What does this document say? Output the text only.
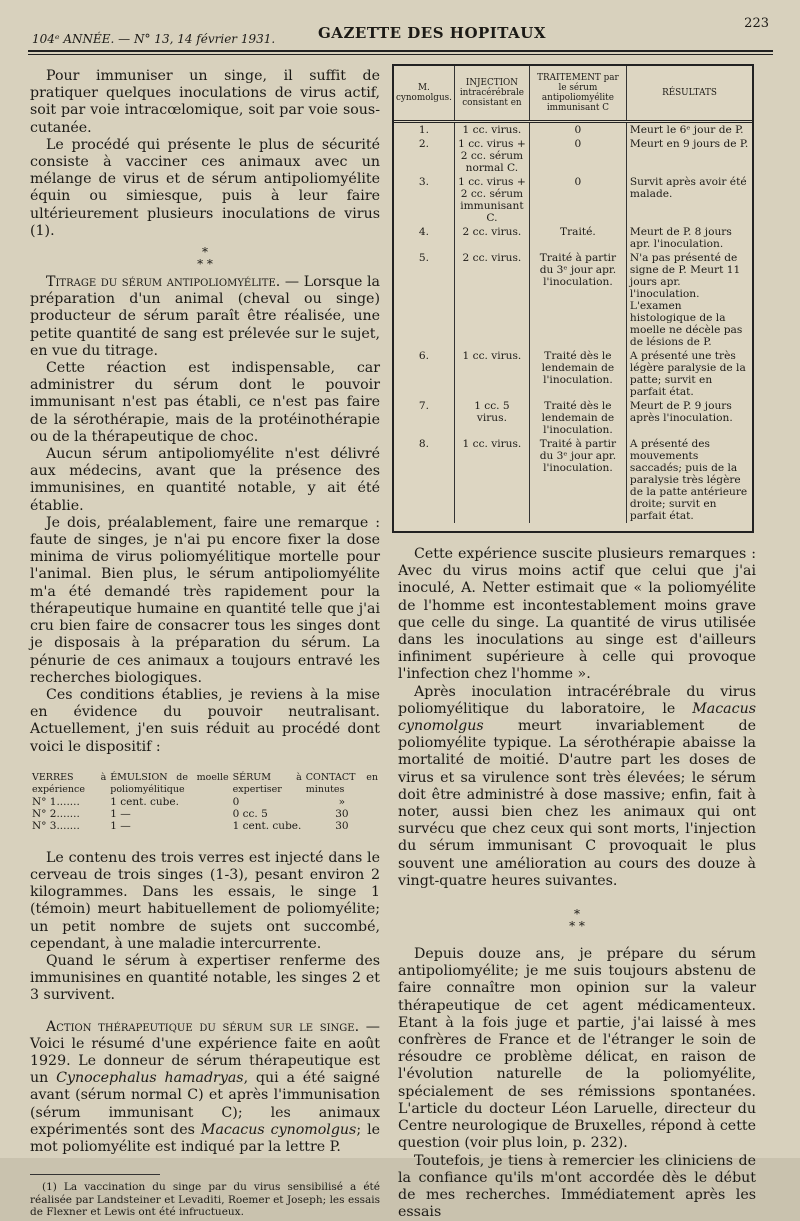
104ᵉ ANNÉE. — N° 13, 14 février 1931.	GAZETTE DES HOPITAUX
223

Pour immuniser un singe, il suffit de pratiquer quelques inoculations de virus actif, soit par voie intracœlomique, soit par voie sous-cutanée.

Le procédé qui présente le plus de sécurité consiste à vacciner ces animaux avec un mélange de virus et de sérum antipoliomyélite équin ou simiesque, puis à leur faire ultérieurement plusieurs inoculations de virus (1).

*
* *

Titrage du sérum antipoliomyélite. — Lorsque la préparation d'un animal (cheval ou singe) producteur de sérum paraît être réalisée, une petite quantité de sang est prélevée sur le sujet, en vue du titrage.

Cette réaction est indispensable, car administrer du sérum dont le pouvoir immunisant n'est pas établi, ce n'est pas faire de la sérothérapie, mais de la protéinothérapie ou de la thérapeutique de choc.

Aucun sérum antipoliomyélite n'est délivré aux médecins, avant que la présence des immunisines, en quantité notable, y ait été établie.

Je dois, préalablement, faire une remarque : faute de singes, je n'ai pu encore fixer la dose minima de virus poliomyélitique mortelle pour l'animal. Bien plus, le sérum antipoliomyélite m'a été demandé très rapidement pour la thérapeutique humaine en quantité telle que j'ai cru bien faire de consacrer tous les singes dont je disposais à la préparation du sérum. La pénurie de ces animaux a toujours entravé les recherches biologiques.

Ces conditions établies, je reviens à la mise en évidence du pouvoir neutralisant. Actuellement, j'en suis réduit au procédé dont voici le dispositif :

VERRES à expérience	ÉMULSION de moelle poliomyélitique	SÉRUM à expertiser	CONTACT en minutes
N° 1.......	1 cent. cube.	0	»
N° 2.......	1 —	0 cc. 5	30
N° 3.......	1 —	1 cent. cube.	30

Le contenu des trois verres est injecté dans le cerveau de trois singes (1-3), pesant environ 2 kilogrammes. Dans les essais, le singe 1 (témoin) meurt habituellement de poliomyélite; un petit nombre de sujets ont succombé, cependant, à une maladie intercurrente.

Quand le sérum à expertiser renferme des immunisines en quantité notable, les singes 2 et 3 survivent.

Action thérapeutique du sérum sur le singe. — Voici le résumé d'une expérience faite en août 1929. Le donneur de sérum thérapeutique est un Cynocephalus hamadryas, qui a été saigné avant (sérum normal C) et après l'immunisation (sérum immunisant C); les animaux expérimentés sont des Macacus cynomolgus; le mot poliomyélite est indiqué par la lettre P.

(1) La vaccination du singe par du virus sensibilisé a été réalisée par Landsteiner et Levaditi, Roemer et Joseph; les essais de Flexner et Lewis ont été infructueux.

M. cynomolgus.	INJECTION intracérébrale consistant en	TRAITEMENT par le sérum antipoliomyélite immunisant C	RÉSULTATS
1.	1 cc. virus.	0	Meurt le 6ᵉ jour de P.
2.	1 cc. virus + 2 cc. sérum normal C.	0	Meurt en 9 jours de P.
3.	1 cc. virus + 2 cc. sérum immunisant C.	0	Survit après avoir été malade.
4.	2 cc. virus.	Traité.	Meurt de P. 8 jours apr. l'inoculation.
5.	2 cc. virus.	Traité à partir du 3ᵉ jour apr. l'inoculation.	N'a pas présenté de signe de P. Meurt 11 jours apr. l'inoculation. L'examen histologique de la moelle ne décèle pas de lésions de P.
6.	1 cc. virus.	Traité dès le lendemain de l'inoculation.	A présenté une très légère paralysie de la patte; survit en parfait état.
7.	1 cc. 5 virus.	Traité dès le lendemain de l'inoculation.	Meurt de P. 9 jours après l'inoculation.
8.	1 cc. virus.	Traité à partir du 3ᵉ jour apr. l'inoculation.	A présenté des mouvements saccadés; puis de la paralysie très légère de la patte antérieure droite; survit en parfait état.

Cette expérience suscite plusieurs remarques : Avec du virus moins actif que celui que j'ai inoculé, A. Netter estimait que « la poliomyélite de l'homme est incontestablement moins grave que celle du singe. La quantité de virus utilisée dans les inoculations au singe est d'ailleurs infiniment supérieure à celle qui provoque l'infection chez l'homme ».

Après inoculation intracérébrale du virus poliomyélitique du laboratoire, le Macacus cynomolgus meurt invariablement de poliomyélite typique. La sérothérapie abaisse la mortalité de moitié. D'autre part les doses de virus et sa virulence sont très élevées; le sérum doit être administré à dose massive; enfin, fait à noter, aussi bien chez les animaux qui ont survécu que chez ceux qui sont morts, l'injection du sérum immunisant C provoquait le plus souvent une amélioration au cours des douze à vingt-quatre heures suivantes.

*
* *

Depuis douze ans, je prépare du sérum antipoliomyélite; je me suis toujours abstenu de faire connaître mon opinion sur la valeur thérapeutique de cet agent médicamenteux. Etant à la fois juge et partie, j'ai laissé à mes confrères de France et de l'étranger le soin de résoudre ce problème délicat, en raison de l'évolution naturelle de la poliomyélite, spécialement de ses rémissions spontanées. L'article du docteur Léon Laruelle, directeur du Centre neurologique de Bruxelles, répond à cette question (voir plus loin, p. 232).

Toutefois, je tiens à remercier les cliniciens de la confiance qu'ils m'ont accordée dès le début de mes recherches. Immédiatement après les essais
